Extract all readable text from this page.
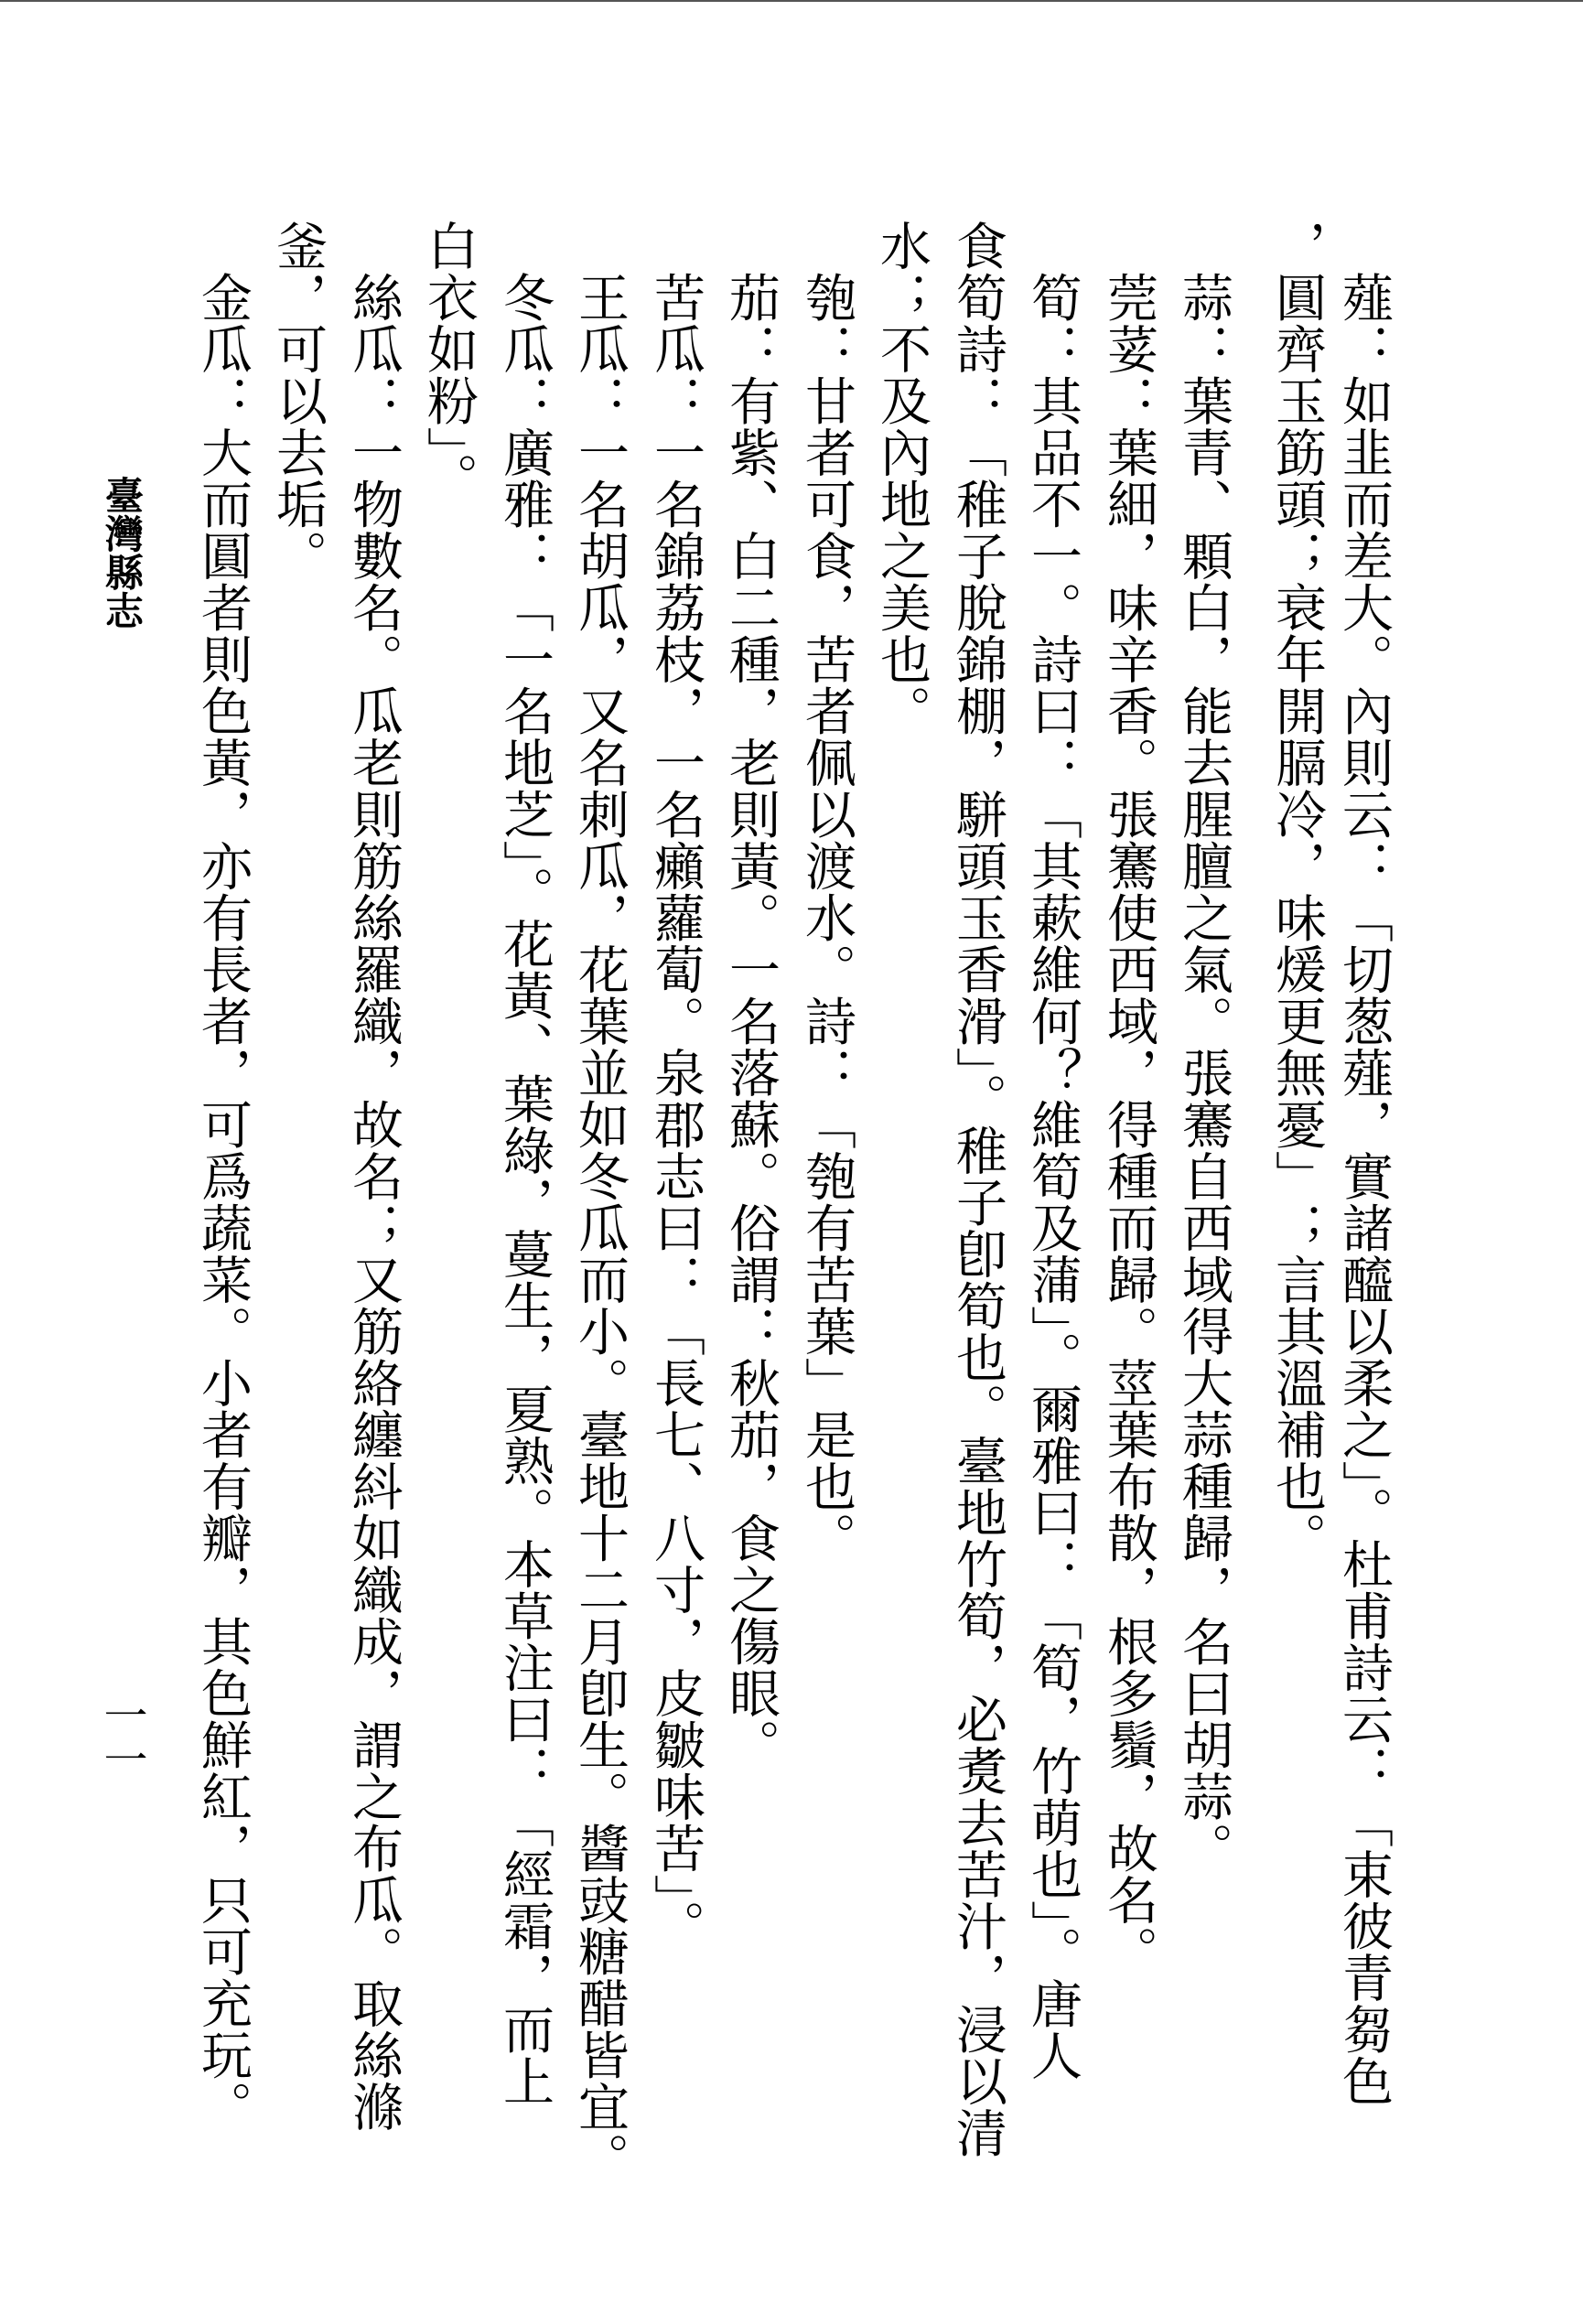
　薤：如韭而差大。內則云：「切葱薤，實諸醯以柔之」。杜甫詩云：「束彼青芻色
，圓齊玉筯頭；衰年開膈冷，味煖更無憂」；言其溫補也。
　蒜：葉青、顆白，能去腥膻之氣。張騫自西域得大蒜種歸，名曰胡蒜。
　莞荽：葉細，味辛香。張騫使西域，得種而歸。莖葉布散，根多鬚，故名。
　筍：其品不一。詩曰：「其蔌維何？維筍及蒲」。爾雅曰：「筍，竹萌也」。唐人
食筍詩：「稚子脫錦棚，駢頭玉香滑」。稚子卽筍也。臺地竹筍，必煑去苦汁，浸以清
水；不及內地之美也。
　匏：甘者可食，苦者佩以渡水。詩：「匏有苦葉」是也。
　茄：有紫、白二種，老則黃。一名落蘇。俗謂：秋茄，食之傷眼。
　苦瓜：一名錦荔枝，一名癩蘿蔔。泉郡志曰：「長七、八寸，皮皺味苦」。
　王瓜：一名胡瓜，又名刺瓜，花葉並如冬瓜而小。臺地十二月卽生。醬豉糖醋皆宜。
　冬瓜：廣雅：「一名地芝」。花黃、葉綠，蔓生，夏熟。本草注曰：「經霜，而上
白衣如粉」。
　絲瓜：一物數名。瓜老則筋絲羅織，故名；又筋絡纏紏如織成，謂之布瓜。取絲滌
釜，可以去垢。
　金瓜：大而圓者則色黃，亦有長者，可爲蔬菜。小者有瓣，其色鮮紅，只可充玩。
臺灣縣志
一一
